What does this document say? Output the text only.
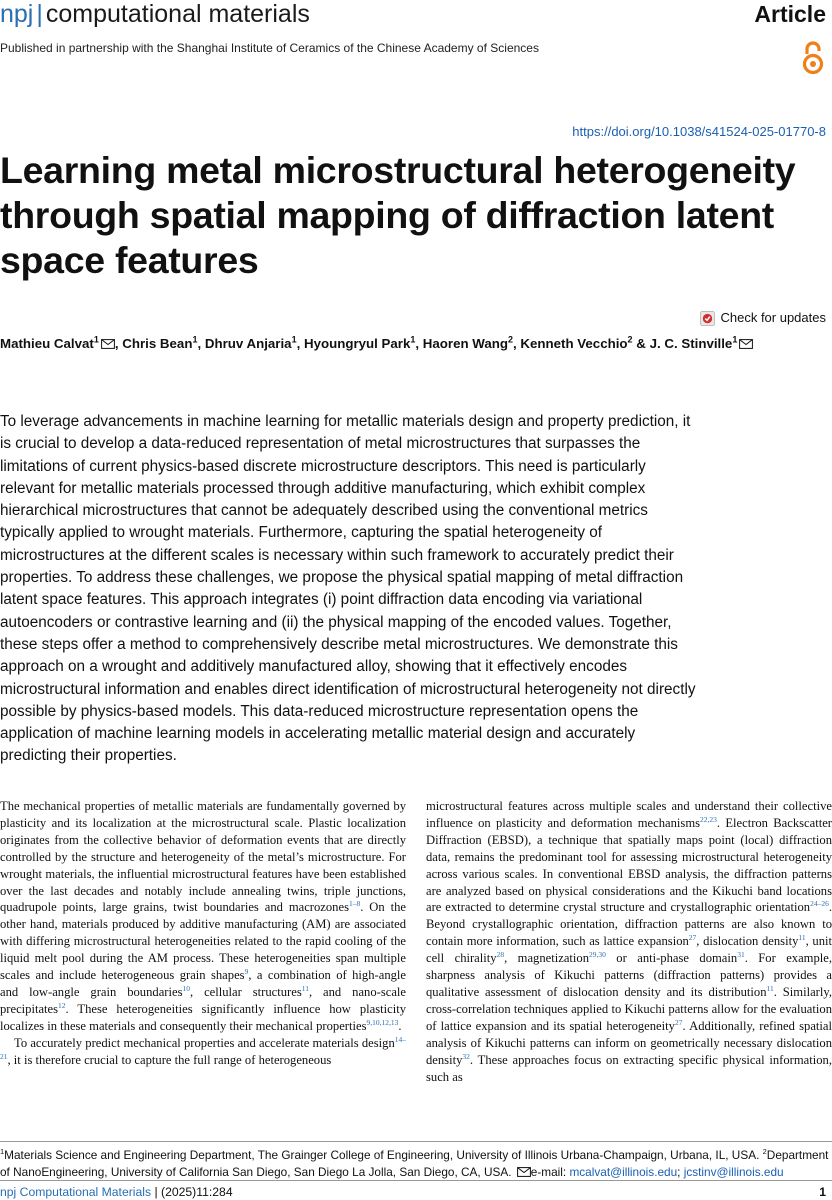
npj | computational materials	Article
Published in partnership with the Shanghai Institute of Ceramics of the Chinese Academy of Sciences
https://doi.org/10.1038/s41524-025-01770-8
Learning metal microstructural heterogeneity through spatial mapping of diffraction latent space features
Check for updates
Mathieu Calvat$^1$ , Chris Bean$^1$, Dhruv Anjaria$^1$, Hyoungryul Park$^1$, Haoren Wang$^2$, Kenneth Vecchio$^2$ & J. C. Stinville$^1$
To leverage advancements in machine learning for metallic materials design and property prediction, it is crucial to develop a data-reduced representation of metal microstructures that surpasses the limitations of current physics-based discrete microstructure descriptors. This need is particularly relevant for metallic materials processed through additive manufacturing, which exhibit complex hierarchical microstructures that cannot be adequately described using the conventional metrics typically applied to wrought materials. Furthermore, capturing the spatial heterogeneity of microstructures at the different scales is necessary within such framework to accurately predict their properties. To address these challenges, we propose the physical spatial mapping of metal diffraction latent space features. This approach integrates (i) point diffraction data encoding via variational autoencoders or contrastive learning and (ii) the physical mapping of the encoded values. Together, these steps offer a method to comprehensively describe metal microstructures. We demonstrate this approach on a wrought and additively manufactured alloy, showing that it effectively encodes microstructural information and enables direct identification of microstructural heterogeneity not directly possible by physics-based models. This data-reduced microstructure representation opens the application of machine learning models in accelerating metallic material design and accurately predicting their properties.

The mechanical properties of metallic materials are fundamentally governed by plasticity and its localization at the microstructural scale. Plastic localization originates from the collective behavior of deformation events that are directly controlled by the structure and heterogeneity of the metal’s microstructure. For wrought materials, the influential microstructural features have been established over the last decades and notably include annealing twins, triple junctions, quadrupole points, large grains, twist boundaries and macrozones$^{1-8}$. On the other hand, materials produced by additive manufacturing (AM) are associated with differing microstructural heterogeneities related to the rapid cooling of the liquid melt pool during the AM process. These heterogeneities span multiple scales and include heterogeneous grain shapes$^9$, a combination of high-angle and low-angle grain boundaries$^{10}$, cellular structures$^{11}$, and nano-scale precipitates$^{12}$. These heterogeneities significantly influence how plasticity localizes in these materials and consequently their mechanical properties$^{9,10,12,13}$.

To accurately predict mechanical properties and accelerate materials design$^{14-21}$, it is therefore crucial to capture the full range of heterogeneous

microstructural features across multiple scales and understand their collective influence on plasticity and deformation mechanisms$^{22,23}$. Electron Backscatter Diffraction (EBSD), a technique that spatially maps point (local) diffraction data, remains the predominant tool for assessing microstructural heterogeneity across various scales. In conventional EBSD analysis, the diffraction patterns are analyzed based on physical considerations and the Kikuchi band locations are extracted to determine crystal structure and crystallographic orientation$^{24-26}$. Beyond crystallographic orientation, diffraction patterns are also known to contain more information, such as lattice expansion$^{27}$, dislocation density$^{11}$, unit cell chirality$^{28}$, magnetization$^{29,30}$ or anti-phase domain$^{31}$. For example, sharpness analysis of Kikuchi patterns (diffraction patterns) provides a qualitative assessment of dislocation density and its distribution$^{11}$. Similarly, cross-correlation techniques applied to Kikuchi patterns allow for the evaluation of lattice expansion and its spatial heterogeneity$^{27}$. Additionally, refined spatial analysis of Kikuchi patterns can inform on geometrically necessary dislocation density$^{32}$. These approaches focus on extracting specific physical information, such as

$^1$Materials Science and Engineering Department, The Grainger College of Engineering, University of Illinois Urbana-Champaign, Urbana, IL, USA. $^2$Department of NanoEngineering, University of California San Diego, San Diego La Jolla, San Diego, CA, USA. e-mail: mcalvat@illinois.edu; jcstinv@illinois.edu
npj Computational Materials | (2025)11:284	1
